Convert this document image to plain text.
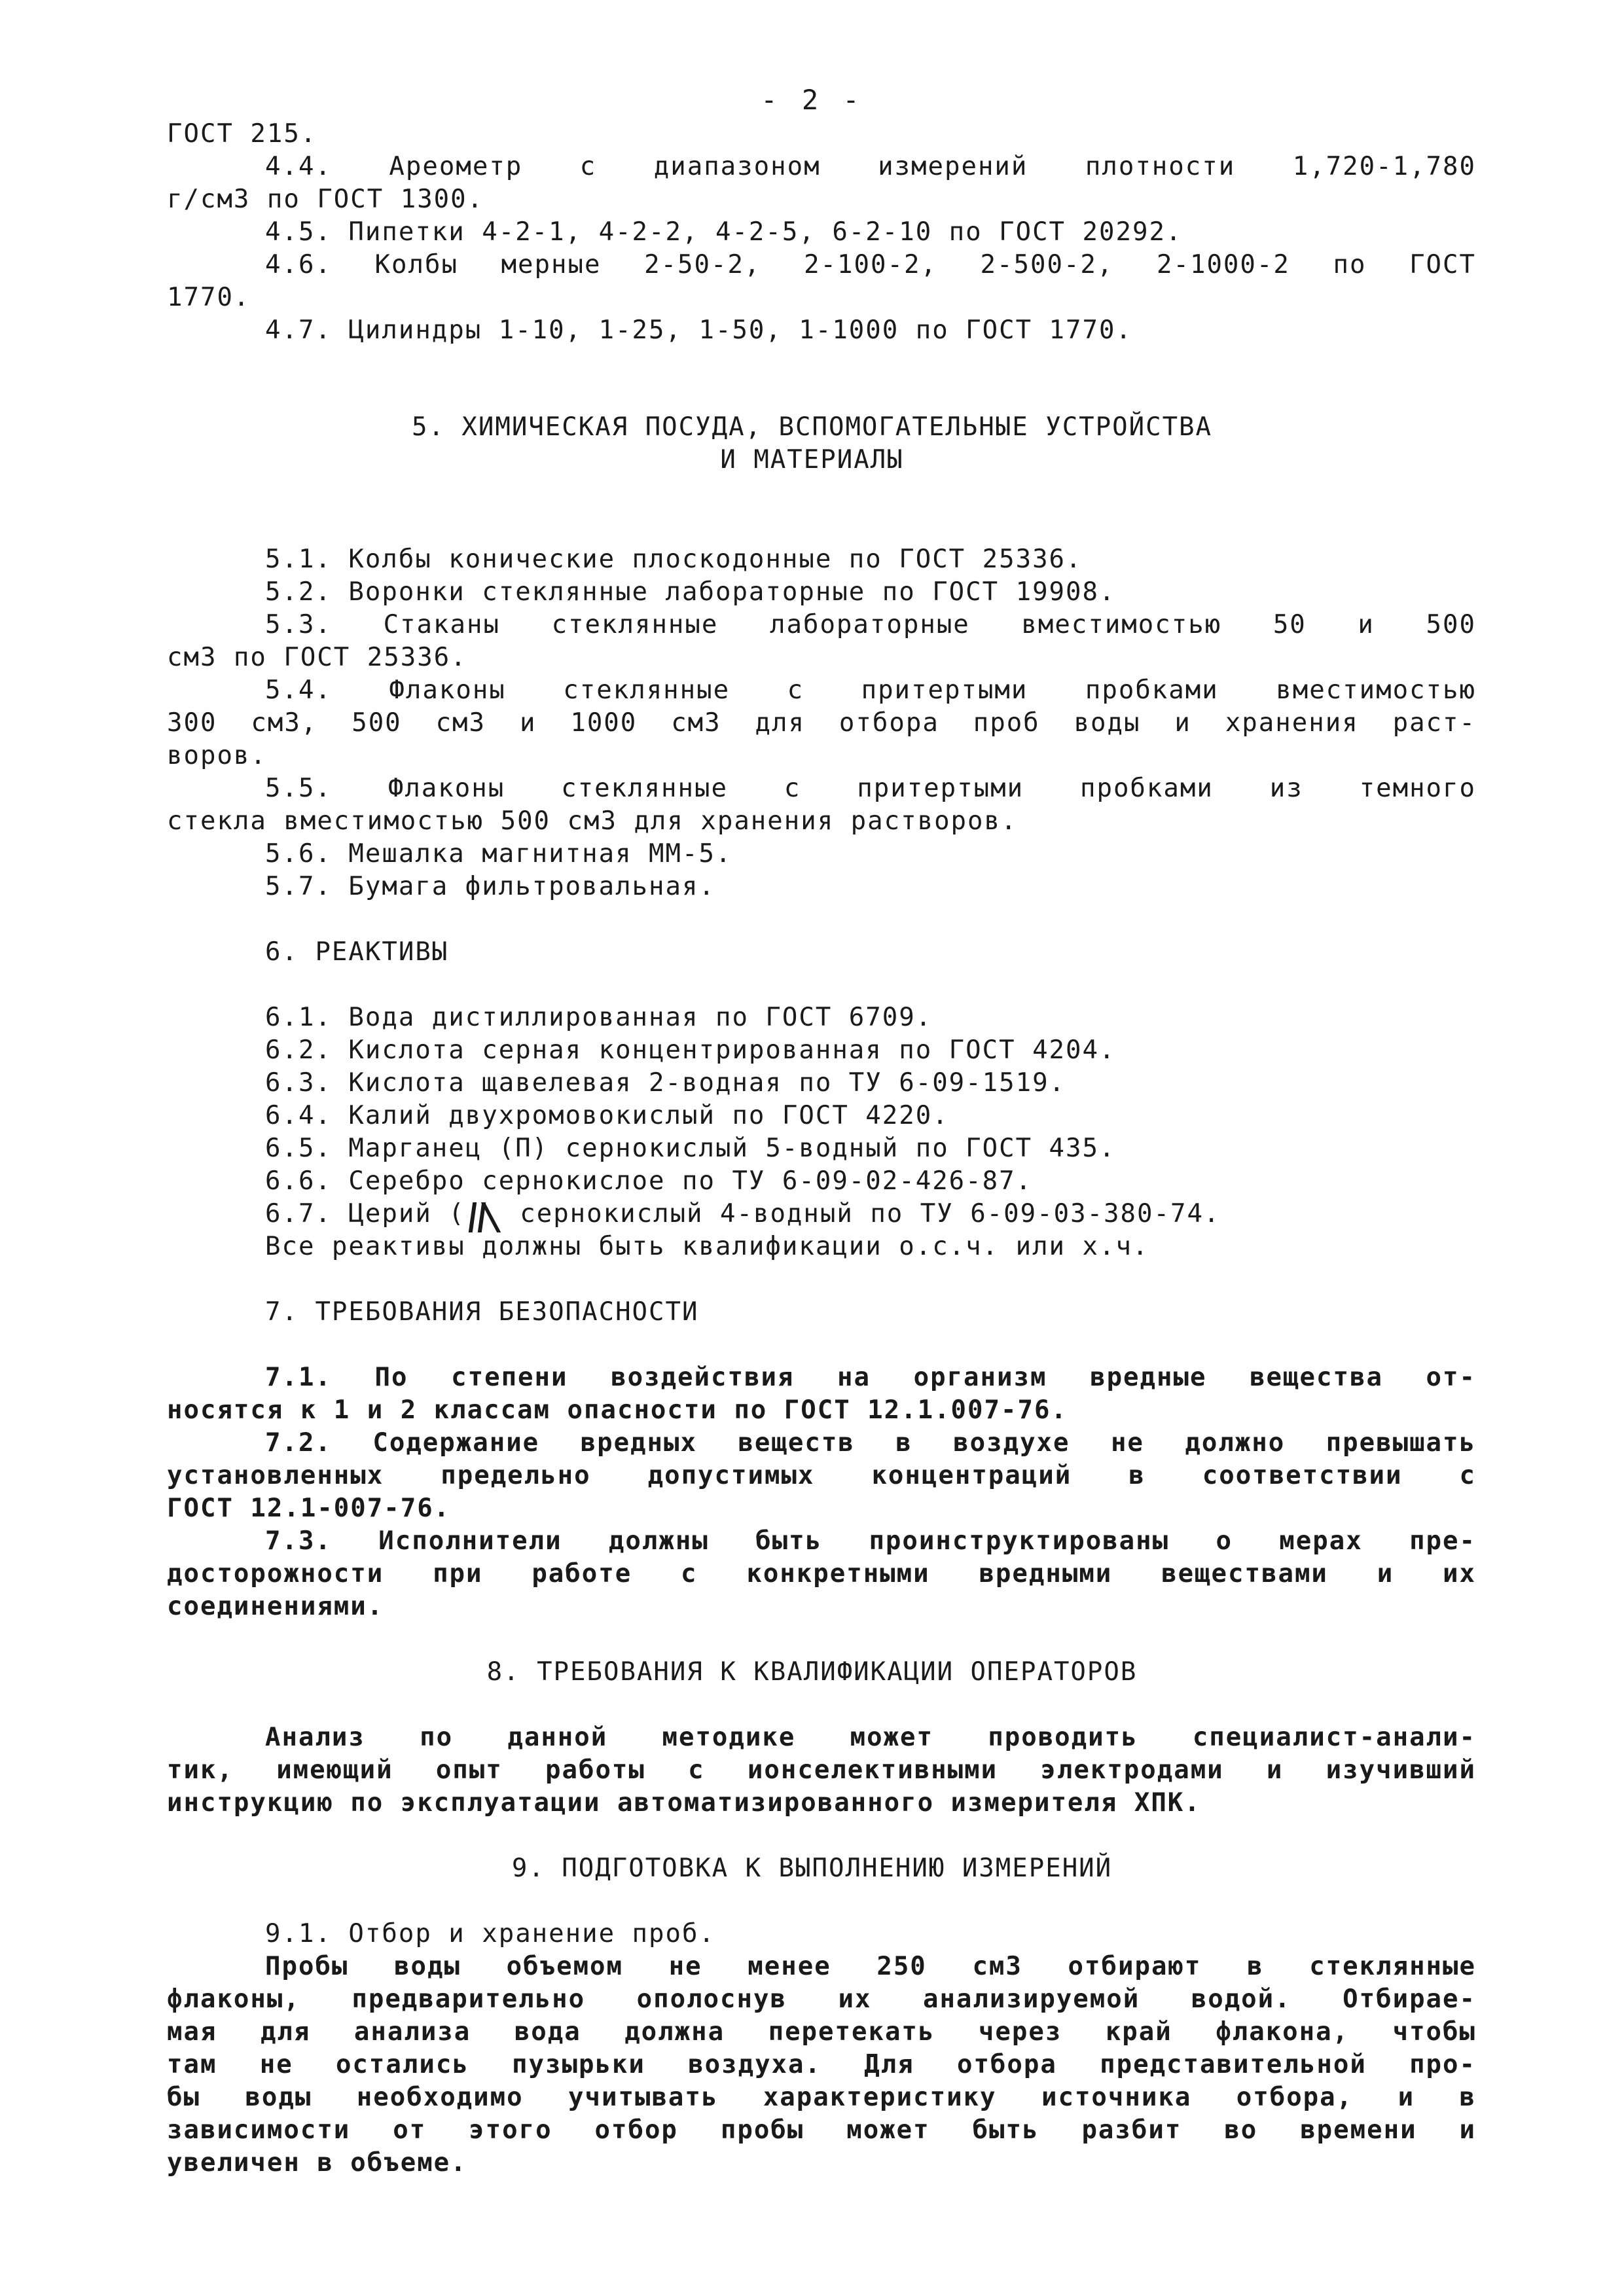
- 2 -
ГОСТ 215.
4.4. Ареометр с диапазоном измерений плотности 1,720-1,780
г/см3 по ГОСТ 1300.
4.5. Пипетки 4-2-1, 4-2-2, 4-2-5, 6-2-10 по ГОСТ 20292.
4.6. Колбы мерные 2-50-2, 2-100-2, 2-500-2, 2-1000-2 по ГОСТ
1770.
4.7. Цилиндры 1-10, 1-25, 1-50, 1-1000 по ГОСТ 1770.
5. ХИМИЧЕСКАЯ ПОСУДА, ВСПОМОГАТЕЛЬНЫЕ УСТРОЙСТВА
И МАТЕРИАЛЫ
5.1. Колбы конические плоскодонные по ГОСТ 25336.
5.2. Воронки стеклянные лабораторные по ГОСТ 19908.
5.3. Стаканы стеклянные лабораторные вместимостью 50 и 500
см3 по ГОСТ 25336.
5.4. Флаконы стеклянные с притертыми пробками вместимостью
300 см3, 500 см3 и 1000 см3 для отбора проб воды и хранения раст-
воров.
5.5. Флаконы стеклянные с притертыми пробками из темного
стекла вместимостью 500 см3 для хранения растворов.
5.6. Мешалка магнитная ММ-5.
5.7. Бумага фильтровальная.
6. РЕАКТИВЫ
6.1. Вода дистиллированная по ГОСТ 6709.
6.2. Кислота серная концентрированная по ГОСТ 4204.
6.3. Кислота щавелевая 2-водная по ТУ 6-09-1519.
6.4. Калий двухромовокислый по ГОСТ 4220.
6.5. Марганец (П) сернокислый 5-водный по ГОСТ 435.
6.6. Серебро сернокислое по ТУ 6-09-02-426-87.
6.7. Церий (
сернокислый 4-водный по ТУ 6-09-03-380-74.
Все реактивы должны быть квалификации о.с.ч. или х.ч.
7. ТРЕБОВАНИЯ БЕЗОПАСНОСТИ
7.1. По степени воздействия на организм вредные вещества от-
носятся к 1 и 2 классам опасности по ГОСТ 12.1.007-76.
7.2. Содержание вредных веществ в воздухе не должно превышать
установленных предельно допустимых концентраций в соответствии с
ГОСТ 12.1-007-76.
7.3. Исполнители должны быть проинструктированы о мерах пре-
досторожности при работе с конкретными вредными веществами и их
соединениями.
8. ТРЕБОВАНИЯ К КВАЛИФИКАЦИИ ОПЕРАТОРОВ
Анализ по данной методике может проводить специалист-анали-
тик, имеющий опыт работы с ионселективными электродами и изучивший
инструкцию по эксплуатации автоматизированного измерителя ХПК.
9. ПОДГОТОВКА К ВЫПОЛНЕНИЮ ИЗМЕРЕНИЙ
9.1. Отбор и хранение проб.
Пробы воды объемом не менее 250 см3 отбирают в стеклянные
флаконы, предварительно ополоснув их анализируемой водой. Отбирае-
мая для анализа вода должна перетекать через край флакона, чтобы
там не остались пузырьки воздуха. Для отбора представительной про-
бы воды необходимо учитывать характеристику источника отбора, и в
зависимости от этого отбор пробы может быть разбит во времени и
увеличен в объеме.
